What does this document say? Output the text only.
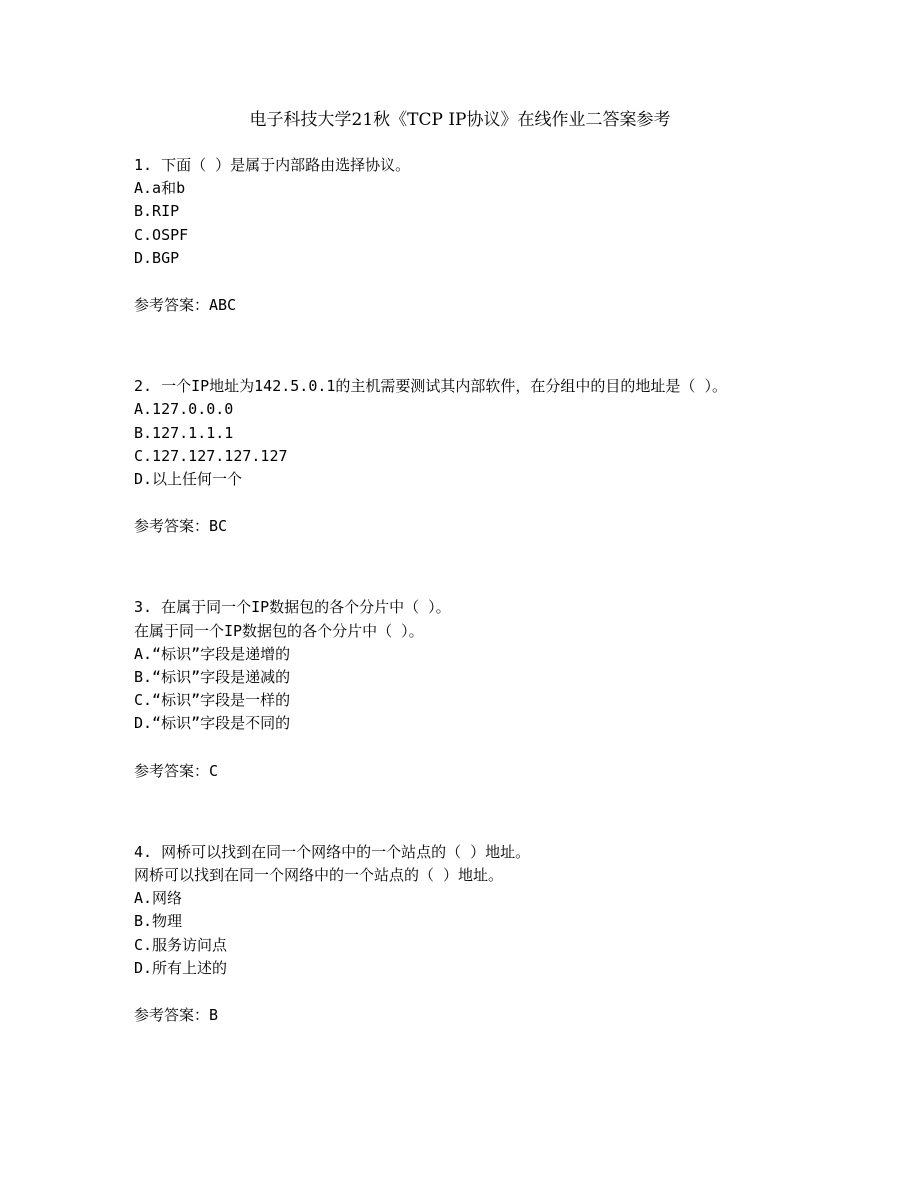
电子科技大学21秋《TCP IP协议》在线作业二答案参考
1. 下面（ ）是属于内部路由选择协议。
A.a和b
B.RIP
C.OSPF
D.BGP
参考答案：ABC
2. 一个IP地址为142.5.0.1的主机需要测试其内部软件，在分组中的目的地址是（ ）。
A.127.0.0.0
B.127.1.1.1
C.127.127.127.127
D.以上任何一个
参考答案：BC
3. 在属于同一个IP数据包的各个分片中（ ）。
在属于同一个IP数据包的各个分片中（ ）。
A.“标识”字段是递增的
B.“标识”字段是递减的
C.“标识”字段是一样的
D.“标识”字段是不同的
参考答案：C
4. 网桥可以找到在同一个网络中的一个站点的（ ）地址。
网桥可以找到在同一个网络中的一个站点的（ ）地址。
A.网络
B.物理
C.服务访问点
D.所有上述的
参考答案：B
